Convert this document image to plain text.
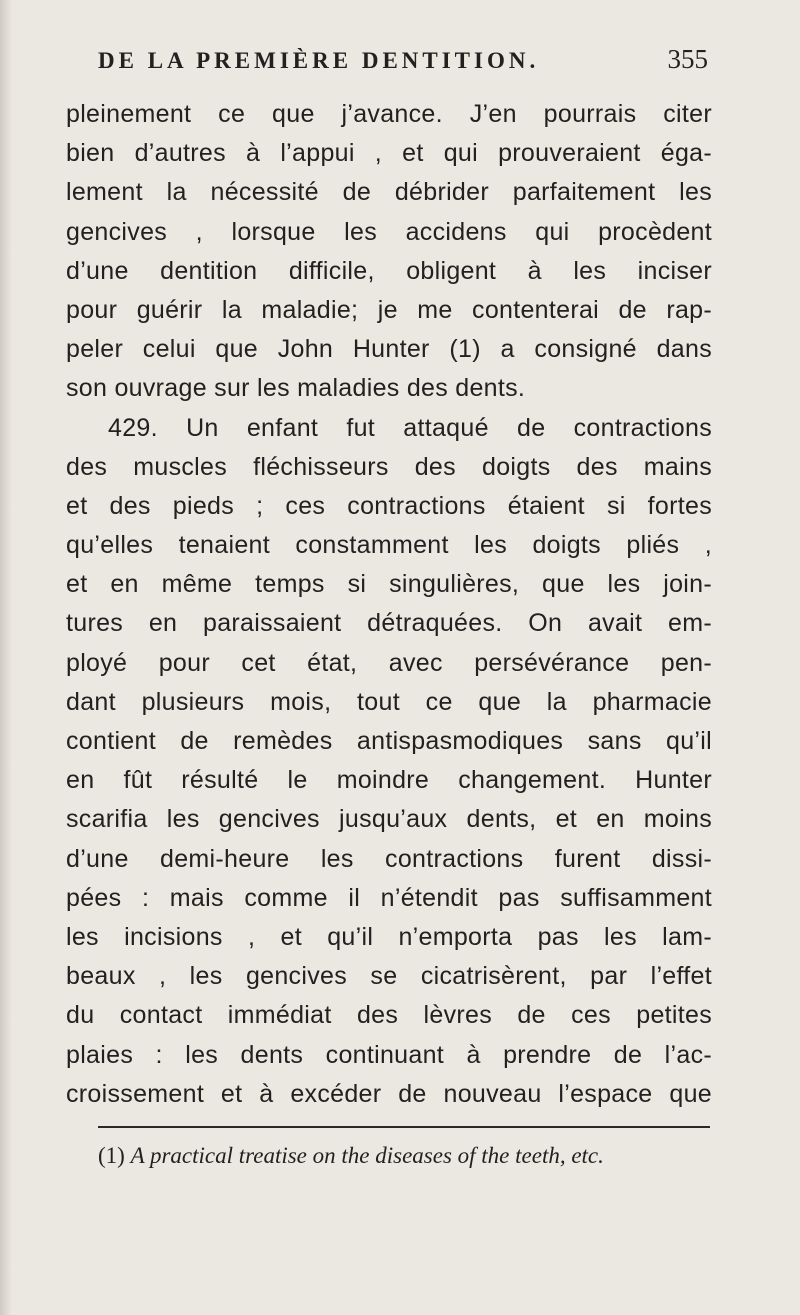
DE LA PREMIÈRE DENTITION.	355
pleinement ce que j’avance. J’en pourrais citer
bien d’autres à l’appui , et qui prouveraient éga-
lement la nécessité de débrider parfaitement les
gencives , lorsque les accidens qui procèdent
d’une dentition difficile, obligent à les inciser
pour guérir la maladie; je me contenterai de rap-
peler celui que John Hunter (1) a consigné dans
son ouvrage sur les maladies des dents.
429. Un enfant fut attaqué de contractions
des muscles fléchisseurs des doigts des mains
et des pieds ; ces contractions étaient si fortes
qu’elles tenaient constamment les doigts pliés ,
et en même temps si singulières, que les join-
tures en paraissaient détraquées. On avait em-
ployé pour cet état, avec persévérance pen-
dant plusieurs mois, tout ce que la pharmacie
contient de remèdes antispasmodiques sans qu’il
en fût résulté le moindre changement. Hunter
scarifia les gencives jusqu’aux dents, et en moins
d’une demi-heure les contractions furent dissi-
pées : mais comme il n’étendit pas suffisamment
les incisions , et qu’il n’emporta pas les lam-
beaux , les gencives se cicatrisèrent, par l’effet
du contact immédiat des lèvres de ces petites
plaies : les dents continuant à prendre de l’ac-
croissement et à excéder de nouveau l’espace que
(1) A practical treatise on the diseases of the teeth, etc.
